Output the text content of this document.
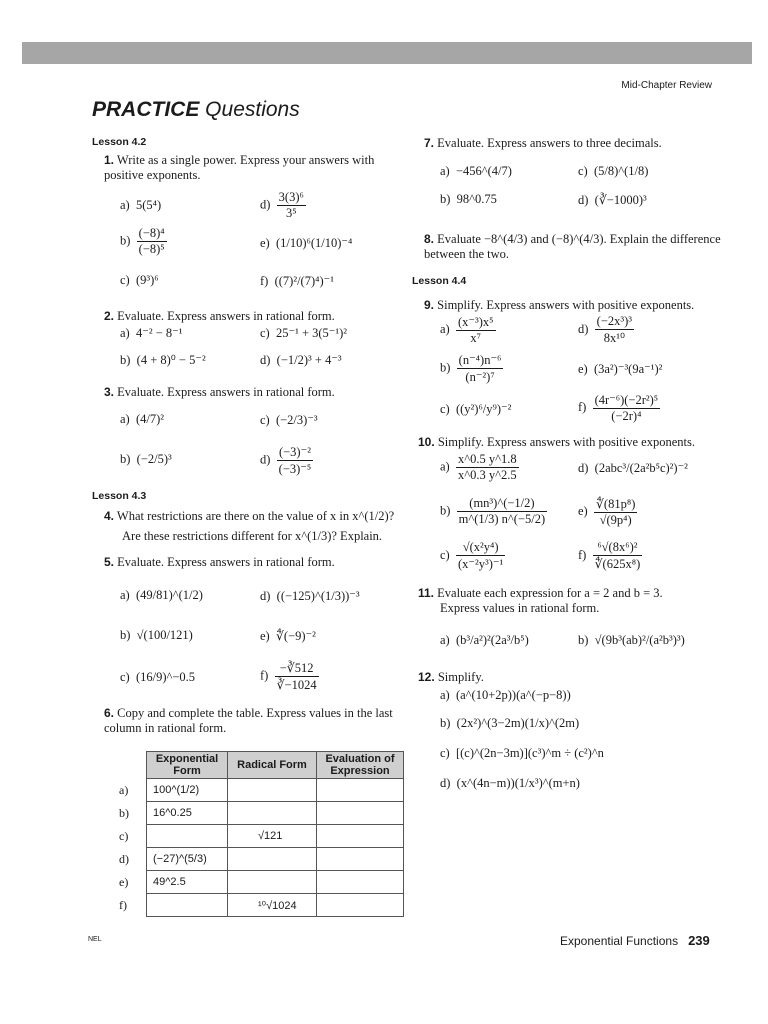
Mid-Chapter Review
PRACTICE Questions
Lesson 4.2
1. Write as a single power. Express your answers with positive exponents.
a) 5(5⁴)	$d) \frac{\text{3(3)⁶}}{\text{3⁵}}$
$b) \frac{\text{(−8)⁴}}{\text{(−8)⁵}}$	e) (1/10)⁶(1/10)⁻⁴
c) (9³)⁶	f) ((7)²/(7)⁴)⁻¹
2. Evaluate. Express answers in rational form.
a) 4⁻² − 8⁻¹	c) 25⁻¹ + 3(5⁻¹)²
b) (4 + 8)⁰ − 5⁻²	d) (−1/2)³ + 4⁻³
3. Evaluate. Express answers in rational form.
a) (4/7)²	c) (−2/3)⁻³
b) (−2/5)³	$d) \frac{\text{(−3)⁻²}}{\text{(−3)⁻⁵}}$
Lesson 4.3
4. What restrictions are there on the value of x in x^(1/2)?
Are these restrictions different for x^(1/3)? Explain.
5. Evaluate. Express answers in rational form.
a) (49/81)^(1/2)	d) ((−125)^(1/3))⁻³
b) √(100/121)	e) ∜(−9)⁻²
c) (16/9)^−0.5	$f) \frac{-∛512}{∛-1024}$
6. Copy and complete the table. Express values in the last column in rational form.
	Exponential Form	Radical Form	Evaluation of Expression
a)	100^(1/2)		
b)	16^0.25		
c)		√121	
d)	(−27)^(5/3)		
e)	49^2.5		
f)		¹⁰√1024	
7. Evaluate. Express answers to three decimals.
a) −456^(4/7)	c) (5/8)^(1/8)
b) 98^0.75	d) (∛−1000)³
8. Evaluate −8^(4/3) and (−8)^(4/3). Explain the difference between the two.
Lesson 4.4
9. Simplify. Express answers with positive exponents.
$a) \frac{\text{(x⁻³)x⁵}}{\text{x⁷}}$	$d) \frac{\text{(−2x³)³}}{\text{8x¹⁰}}$
$b) \frac{\text{(n⁻⁴)n⁻⁶}}{\text{(n⁻²)⁷}}$	e) (3a²)⁻³(9a⁻¹)²
c) ((y²)⁶/y⁹)⁻²	$f) \frac{\text{(4r⁻⁶)(−2r²)⁵}}{\text{(−2r)⁴}}$
10. Simplify. Express answers with positive exponents.
$a) \frac{x\^{}0.5 y\^{}1.8}{x\^{}0.3 y\^{}2.5}$	d) (2abc³/(2a²b⁵c)²)⁻²
$b) \frac{\text{(mn³)\textasciicircum{}(−1/2)}}{m\^{}(1/3) n\^{}(-5/2)} e) \frac{\text{∜(81p⁸)}}{\text{√(9p⁴)}}$
$c) \frac{\text{√(x²y⁴)}}{\text{(x⁻²y³)⁻¹}}$	$f) \frac{\text{⁶√(8x⁶)²}}{\text{∜(625x⁸)}}$
11. Evaluate each expression for a = 2 and b = 3.
Express values in rational form.
a) (b³/a²)²(2a³/b⁵)	b) √(9b³(ab)²/(a²b³)³)
12. Simplify.
a) (a^(10+2p))(a^(−p−8))
b) (2x²)^(3−2m)(1/x)^(2m)
c) [(c)^(2n−3m)](c³)^m ÷ (c²)^n
d) (x^(4n−m))(1/x³)^(m+n)
NEL	Exponential Functions 239
